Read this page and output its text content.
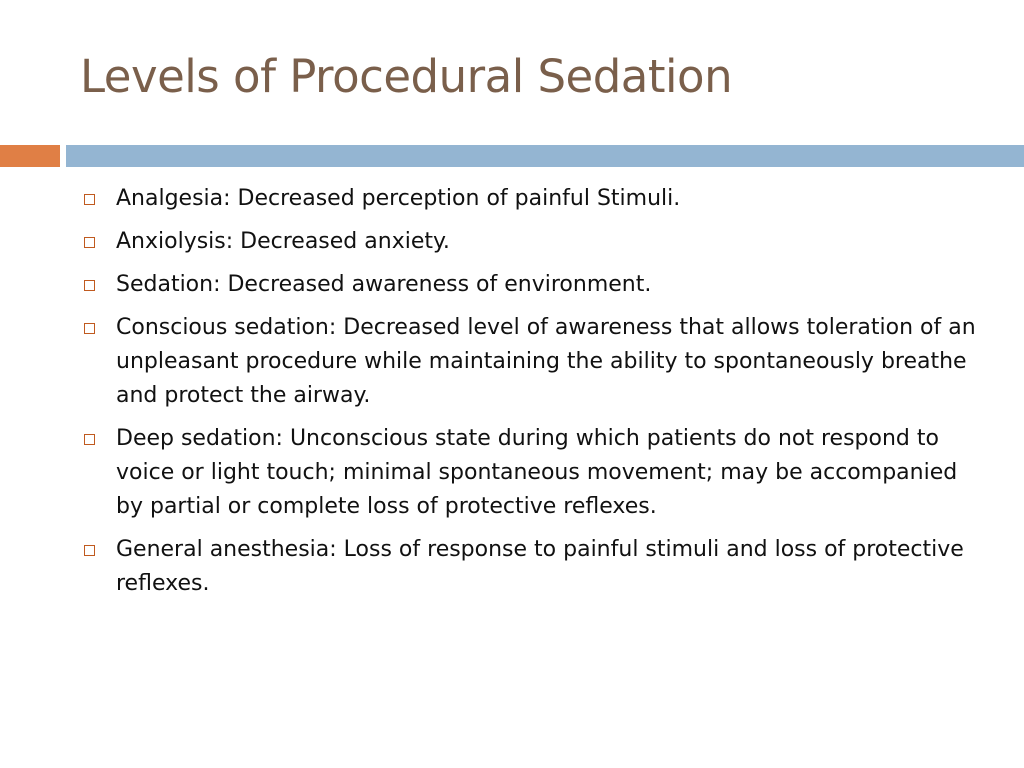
Levels of Procedural Sedation
Analgesia: Decreased perception of painful Stimuli.
Anxiolysis: Decreased anxiety.
Sedation: Decreased awareness of environment.
Conscious sedation: Decreased level of awareness that allows toleration of an unpleasant procedure while maintaining the ability to spontaneously breathe and protect the airway.
Deep sedation: Unconscious state during which patients do not respond to voice or light touch; minimal spontaneous movement; may be accompanied by partial or complete loss of protective reflexes.
General anesthesia: Loss of response to painful stimuli and loss of protective reflexes.
